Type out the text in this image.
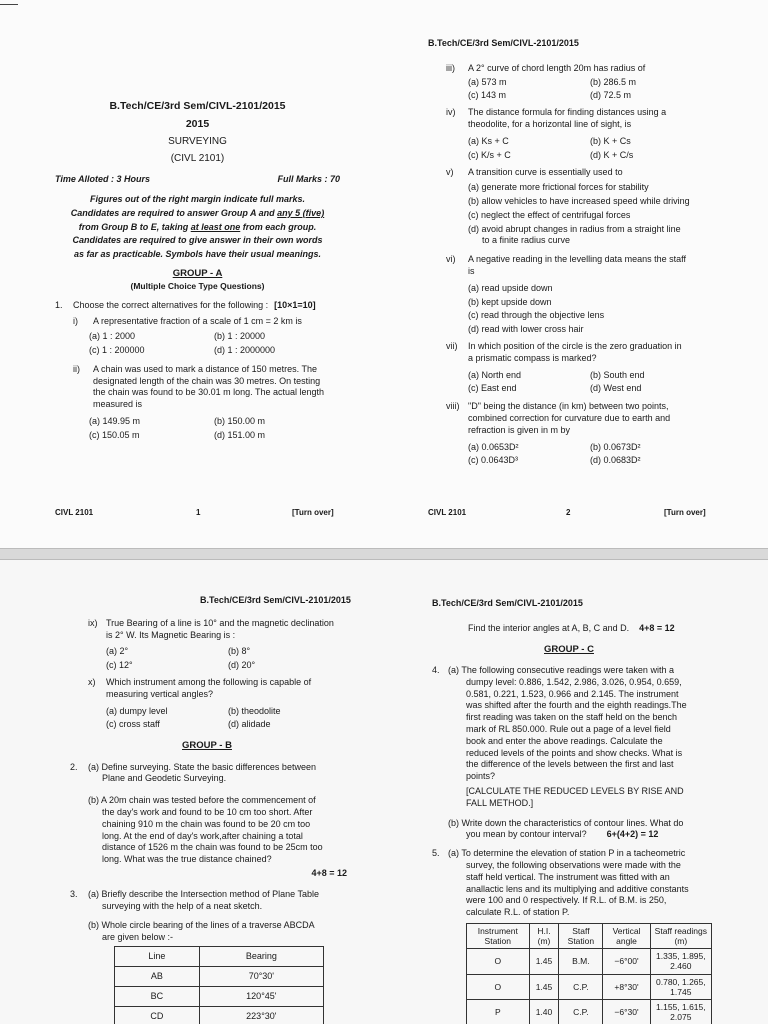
B.Tech/CE/3rd Sem/CIVL-2101/2015
2015
SURVEYING
(CIVL 2101)
Time Alloted : 3 Hours	Full Marks : 70
Figures out of the right margin indicate full marks.
Candidates are required to answer Group A and any 5 (five)
from Group B to E, taking at least one from each group.
Candidates are required to give answer in their own words
as far as practicable. Symbols have their usual meanings.
GROUP - A
(Multiple Choice Type Questions)
1.	Choose the correct alternatives for the following : [10×1=10]
i)	A representative fraction of a scale of 1 cm = 2 km is
(a) 1 : 2000	(b) 1 : 20000
(c) 1 : 200000	(d) 1 : 2000000
ii)	A chain was used to mark a distance of 150 metres. The
designated length of the chain was 30 metres. On testing
the chain was found to be 30.01 m long. The actual length
measured is
(a) 149.95 m	(b) 150.00 m
(c) 150.05 m	(d) 151.00 m
CIVL 2101	1	[Turn over]
B.Tech/CE/3rd Sem/CIVL-2101/2015
iii)	A 2° curve of chord length 20m has radius of
(a) 573 m	(b) 286.5 m
(c) 143 m	(d) 72.5 m
iv)	The distance formula for finding distances using a
theodolite, for a horizontal line of sight, is
(a) Ks + C	(b) K + Cs
(c) K/s + C	(d) K + C/s
v)	A transition curve is essentially used to
(a) generate more frictional forces for stability
(b) allow vehicles to have increased speed while driving
(c) neglect the effect of centrifugal forces
(d) avoid abrupt changes in radius from a straight line
to a finite radius curve
vi)	A negative reading in the levelling data means the staff
is
(a) read upside down
(b) kept upside down
(c) read through the objective lens
(d) read with lower cross hair
vii)	In which position of the circle is the zero graduation in
a prismatic compass is marked?
(a) North end	(b) South end
(c) East end	(d) West end
viii) "D" being the distance (in km) between two points,
combined correction for curvature due to earth and
refraction is given in m by
(a) 0.0653D²	(b) 0.0673D²
(c) 0.0643D³	(d) 0.0683D²
CIVL 2101	2	[Turn over]
B.Tech/CE/3rd Sem/CIVL-2101/2015
ix) True Bearing of a line is 10° and the magnetic declination
is 2° W. Its Magnetic Bearing is :
(a) 2°	(b) 8°
(c) 12°	(d) 20°
x)	Which instrument among the following is capable of
measuring vertical angles?
(a) dumpy level	(b) theodolite
(c) cross staff	(d) alidade
GROUP - B
2.	(a) Define surveying. State the basic differences between
Plane and Geodetic Surveying.
(b) A 20m chain was tested before the commencement of
the day's work and found to be 10 cm too short. After
chaining 910 m the chain was found to be 20 cm too
long. At the end of day's work,after chaining a total
distance of 1526 m the chain was found to be 25cm too
long. What was the true distance chained?
4+8 = 12
3.	(a) Briefly describe the Intersection method of Plane Table
surveying with the help of a neat sketch.
(b) Whole circle bearing of the lines of a traverse ABCDA
are given below :-
Line	Bearing
AB	70°30'
BC	120°45'
CD	223°30'

B.Tech/CE/3rd Sem/CIVL-2101/2015
Find the interior angles at A, B, C and D. 4+8 = 12
GROUP - C
4. (a) The following consecutive readings were taken with a
dumpy level: 0.886, 1.542, 2.986, 3.026, 0.954, 0.659,
0.581, 0.221, 1.523, 0.966 and 2.145. The instrument
was shifted after the fourth and the eighth readings.The
first reading was taken on the staff held on the bench
mark of RL 850.000. Rule out a page of a level field
book and enter the above readings. Calculate the
reduced levels of the points and show checks. What is
the difference of the levels between the first and last
points?
[CALCULATE THE REDUCED LEVELS BY RISE AND
FALL METHOD.]
(b) Write down the characteristics of contour lines. What do
you mean by contour interval? 6+(4+2) = 12
5. (a) To determine the elevation of station P in a tacheometric
survey, the following observations were made with the
staff held vertical. The instrument was fitted with an
anallactic lens and its multiplying and additive constants
were 100 and 0 respectively. If R.L. of B.M. is 250,
calculate R.L. of station P.
Instrument Station	H.I. (m)	Staff Station	Vertical angle	Staff readings (m)
O	1.45	B.M.	−6°00'	1.335, 1.895, 2.460
O	1.45	C.P.	+8°30'	0.780, 1.265, 1.745
P	1.40	C.P.	−6°30'	1.155, 1.615, 2.075
